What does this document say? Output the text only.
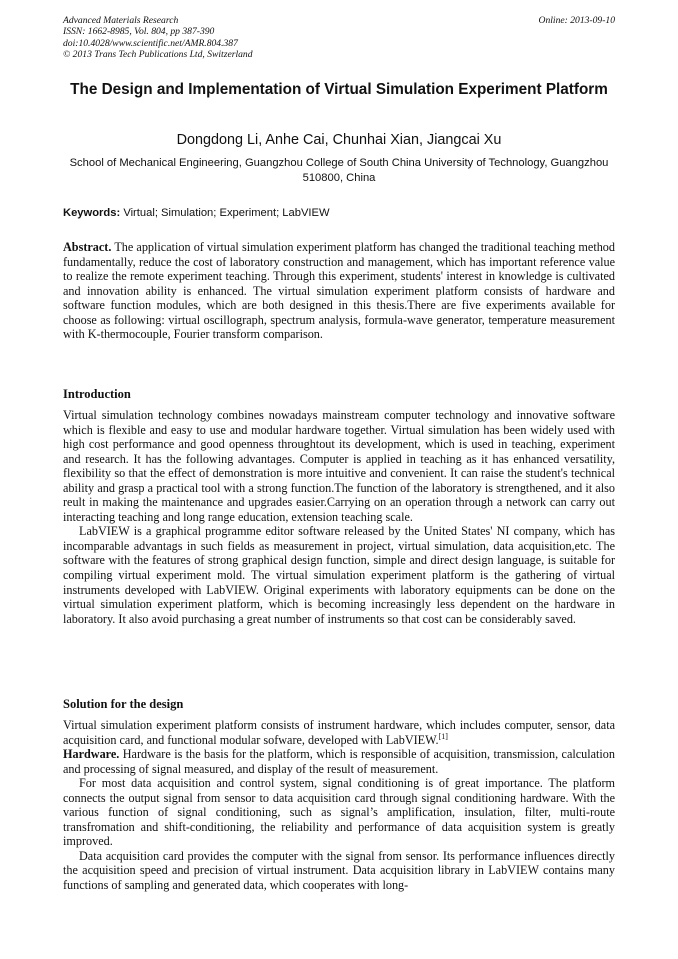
Advanced Materials Research	Online: 2013-09-10
ISSN: 1662-8985, Vol. 804, pp 387-390
doi:10.4028/www.scientific.net/AMR.804.387
© 2013 Trans Tech Publications Ltd, Switzerland
The Design and Implementation of Virtual Simulation Experiment Platform
Dongdong Li, Anhe Cai, Chunhai Xian, Jiangcai Xu
School of Mechanical Engineering, Guangzhou College of South China University of Technology, Guangzhou 510800, China
Keywords: Virtual; Simulation; Experiment; LabVIEW

Abstract. The application of virtual simulation experiment platform has changed the traditional teaching method fundamentally, reduce the cost of laboratory construction and management, which has important reference value to realize the remote experiment teaching. Through this experiment, students' interest in knowledge is cultivated and innovation ability is enhanced. The virtual simulation experiment platform consists of hardware and software function modules, which are both designed in this thesis.There are five experiments available for choose as following: virtual oscillograph, spectrum analysis, formula-wave generator, temperature measurement with K-thermocouple, Fourier transform comparison.

Introduction

Virtual simulation technology combines nowadays mainstream computer technology and innovative software which is flexible and easy to use and modular hardware together. Virtual simulation has been widely used with high cost performance and good openness throughtout its development, which is used in teaching, experiment and research. It has the following advantages. Computer is applied in teaching as it has enhanced versatility, flexibility so that the effect of demonstration is more intuitive and convenient. It can raise the student's technical ability and grasp a practical tool with a strong function.The function of the laboratory is strengthened, and it also reult in making the maintenance and upgrades easier.Carrying on an operation through a network can carry out interacting teaching and long range education, extension teaching scale.

LabVIEW is a graphical programme editor software released by the United States' NI company, which has incomparable advantags in such fields as measurement in project, virtual simulation, data acquisition,etc. The software with the features of strong graphical design function, simple and direct design language, is suitable for compiling virtual experiment mold. The virtual simulation experiment platform is the gathering of virtual instruments developed with LabVIEW. Original experiments with laboratory equipments can be done on the virtual simulation experiment platform, which is becoming increasingly less dependent on the hardware in laboratory. It also avoid purchasing a great number of instruments so that cost can be considerably saved.

Solution for the design

Virtual simulation experiment platform consists of instrument hardware, which includes computer, sensor, data acquisition card, and functional modular sofware, developed with LabVIEW.[1]

Hardware. Hardware is the basis for the platform, which is responsible of acquisition, transmission, calculation and processing of signal measured, and display of the result of measurement.

For most data acquisition and control system, signal conditioning is of great importance. The platform connects the output signal from sensor to data acquisition card through signal conditioning hardware. With the various function of signal conditioning, such as signal’s amplification, insulation, filter, multi-route transfromation and shift-conditioning, the reliability and performance of data acquisition system is greatly improved.

Data acquisition card provides the computer with the signal from sensor. Its performance influences directly the acquisition speed and precision of virtual instrument. Data acquisition library in LabVIEW contains many functions of sampling and generated data, which cooperates with long-
